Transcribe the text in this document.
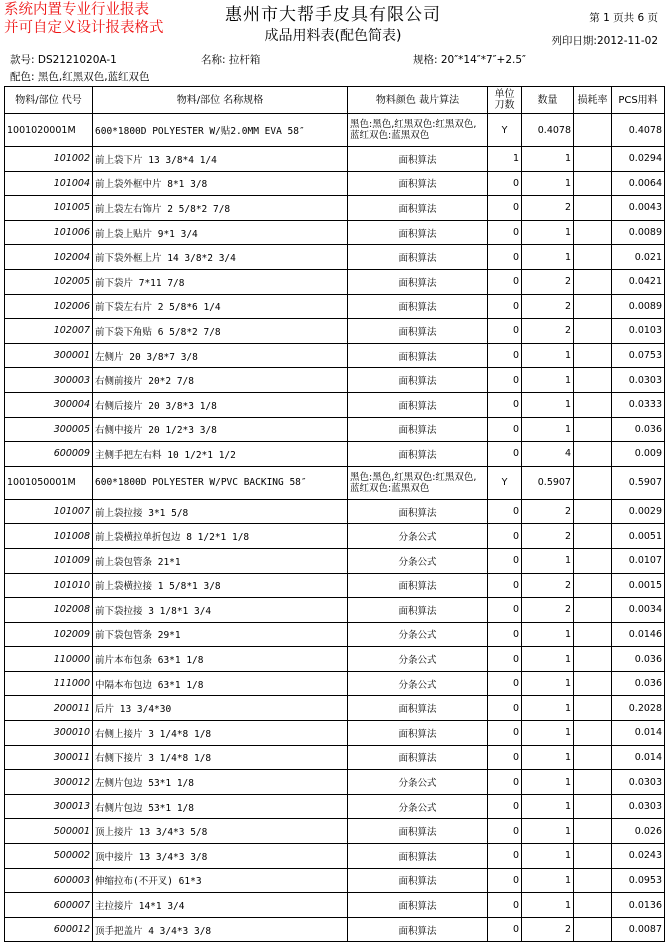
系统内置专业行业报表
并可自定义设计报表格式
惠州市大帮手皮具有限公司
成品用料表(配色简表)
第 1 页共 6 页
列印日期:2012-11-02
款号: DS2121020A-1	名称: 拉杆箱	规格: 20″*14″*7″+2.5″
配色: 黑色,红黑双色,蓝红双色
物料/部位 代号	物料/部位 名称规格	物料颜色 裁片算法	单位 刀数	数量	损耗率	PCS用料
1001020001M	600*1800D POLYESTER W/贴2.0MM EVA 58″	黑色:黑色,红黑双色:红黑双色,蓝红双色:蓝黑双色	Y	0.4078		0.4078
101002	前上袋下片 13 3/8*4 1/4	面积算法	1	1		0.0294
101004	前上袋外框中片 8*1 3/8	面积算法	0	1		0.0064
101005	前上袋左右饰片 2 5/8*2 7/8	面积算法	0	2		0.0043
101006	前上袋上贴片 9*1 3/4	面积算法	0	1		0.0089
102004	前下袋外框上片 14 3/8*2 3/4	面积算法	0	1		0.021
102005	前下袋片 7*11 7/8	面积算法	0	2		0.0421
102006	前下袋左右片 2 5/8*6 1/4	面积算法	0	2		0.0089
102007	前下袋下角贴 6 5/8*2 7/8	面积算法	0	2		0.0103
300001	左侧片 20 3/8*7 3/8	面积算法	0	1		0.0753
300003	右侧前接片 20*2 7/8	面积算法	0	1		0.0303
300004	右侧后接片 20 3/8*3 1/8	面积算法	0	1		0.0333
300005	右侧中接片 20 1/2*3 3/8	面积算法	0	1		0.036
600009	主侧手把左右料 10 1/2*1 1/2	面积算法	0	4		0.009
1001050001M	600*1800D POLYESTER W/PVC BACKING 58″	黑色:黑色,红黑双色:红黑双色,蓝红双色:蓝黑双色	Y	0.5907		0.5907
101007	前上袋拉接 3*1 5/8	面积算法	0	2		0.0029
101008	前上袋横拉单折包边 8 1/2*1 1/8	分条公式	0	2		0.0051
101009	前上袋包管条 21*1	分条公式	0	1		0.0107
101010	前上袋横拉接 1 5/8*1 3/8	面积算法	0	2		0.0015
102008	前下袋拉接 3 1/8*1 3/4	面积算法	0	2		0.0034
102009	前下袋包管条 29*1	分条公式	0	1		0.0146
110000	前片本布包条 63*1 1/8	分条公式	0	1		0.036
111000	中隔本布包边 63*1 1/8	分条公式	0	1		0.036
200011	后片 13 3/4*30	面积算法	0	1		0.2028
300010	右侧上接片 3 1/4*8 1/8	面积算法	0	1		0.014
300011	右侧下接片 3 1/4*8 1/8	面积算法	0	1		0.014
300012	左侧片包边 53*1 1/8	分条公式	0	1		0.0303
300013	右侧片包边 53*1 1/8	分条公式	0	1		0.0303
500001	顶上接片 13 3/4*3 5/8	面积算法	0	1		0.026
500002	顶中接片 13 3/4*3 3/8	面积算法	0	1		0.0243
600003	伸缩拉布(不开叉) 61*3	面积算法	0	1		0.0953
600007	主拉接片 14*1 3/4	面积算法	0	1		0.0136
600012	顶手把盖片 4 3/4*3 3/8	面积算法	0	2		0.0087
